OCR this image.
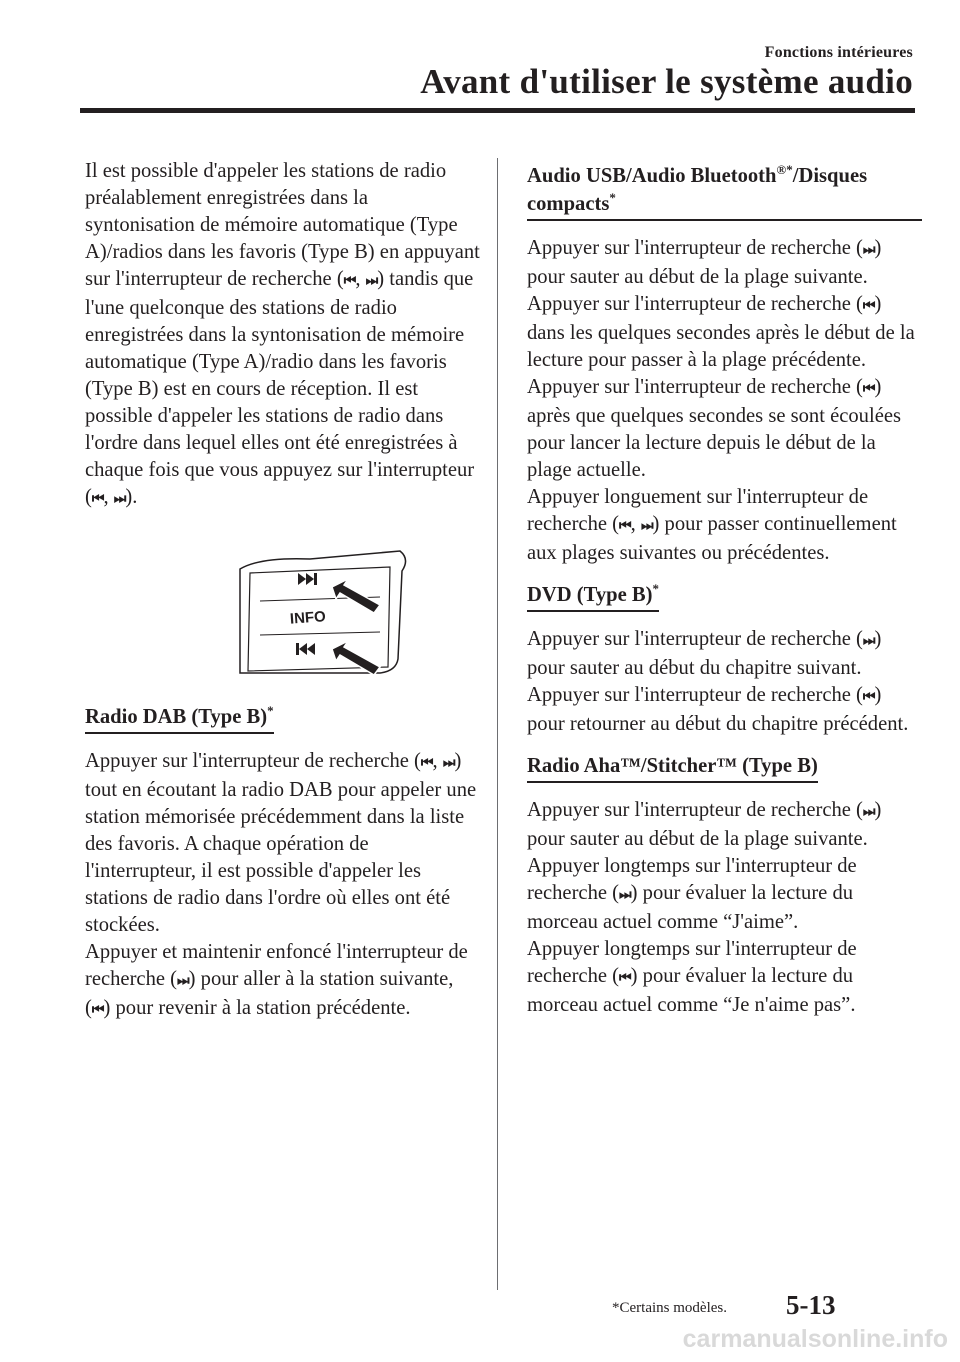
Fonctions intérieures
Avant d'utiliser le système audio

Il est possible d'appeler les stations de radio préalablement enregistrées dans la syntonisation de mémoire automatique (Type A)/radios dans les favoris (Type B) en appuyant sur l'interrupteur de recherche (⏮, ⏭) tandis que l'une quelconque des stations de radio enregistrées dans la syntonisation de mémoire automatique (Type A)/radio dans les favoris (Type B) est en cours de réception. Il est possible d'appeler les stations de radio dans l'ordre dans lequel elles ont été enregistrées à chaque fois que vous appuyez sur l'interrupteur (⏮, ⏭).

INFO
Radio DAB (Type B)*

Appuyer sur l'interrupteur de recherche (⏮, ⏭) tout en écoutant la radio DAB pour appeler une station mémorisée précédemment dans la liste des favoris. A chaque opération de l'interrupteur, il est possible d'appeler les stations de radio dans l'ordre où elles ont été stockées.

Appuyer et maintenir enfoncé l'interrupteur de recherche (⏭) pour aller à la station suivante, (⏮) pour revenir à la station précédente.

Audio USB/Audio Bluetooth®*/Disques compacts*

Appuyer sur l'interrupteur de recherche (⏭) pour sauter au début de la plage suivante.

Appuyer sur l'interrupteur de recherche (⏮) dans les quelques secondes après le début de la lecture pour passer à la plage précédente.

Appuyer sur l'interrupteur de recherche (⏮) après que quelques secondes se sont écoulées pour lancer la lecture depuis le début de la plage actuelle.

Appuyer longuement sur l'interrupteur de recherche (⏮, ⏭) pour passer continuellement aux plages suivantes ou précédentes.

DVD (Type B)*

Appuyer sur l'interrupteur de recherche (⏭) pour sauter au début du chapitre suivant.

Appuyer sur l'interrupteur de recherche (⏮) pour retourner au début du chapitre précédent.

Radio Aha™/Stitcher™ (Type B)

Appuyer sur l'interrupteur de recherche (⏭) pour sauter au début de la plage suivante.

Appuyer longtemps sur l'interrupteur de recherche (⏭) pour évaluer la lecture du morceau actuel comme “J'aime”.

Appuyer longtemps sur l'interrupteur de recherche (⏮) pour évaluer la lecture du morceau actuel comme “Je n'aime pas”.

*Certains modèles. 5-13
carmanualsonline.info
